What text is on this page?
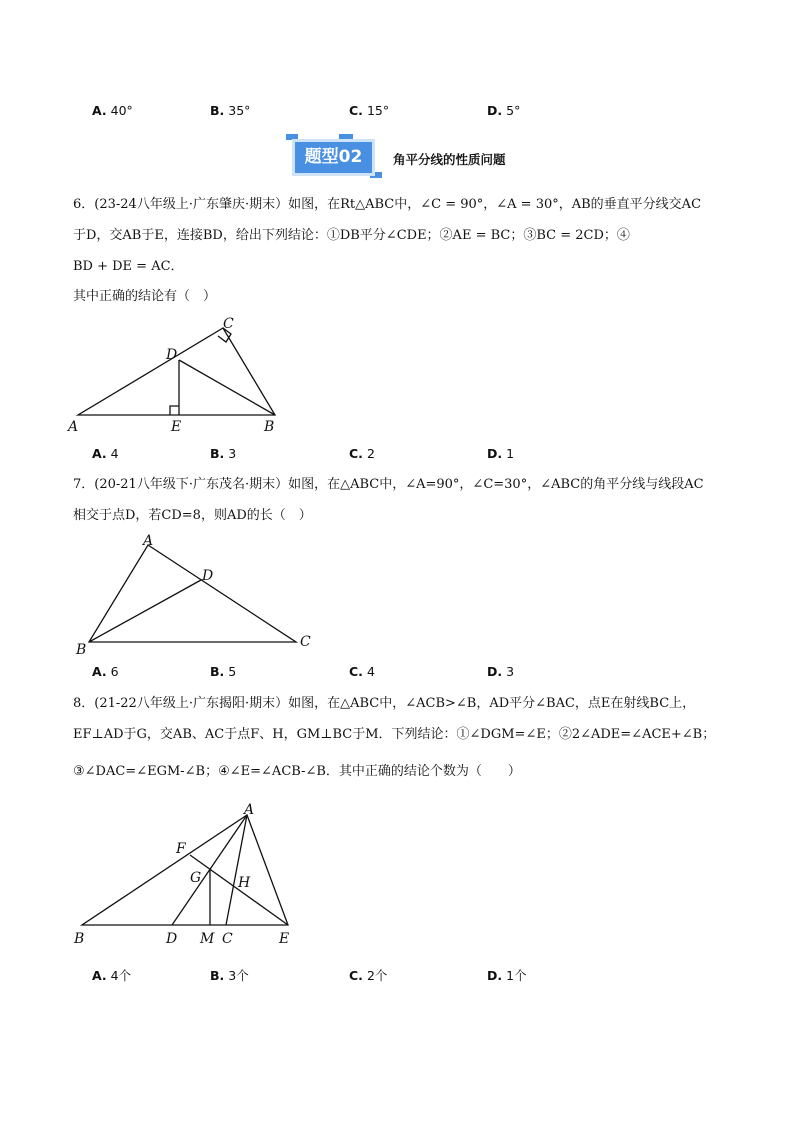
A. 40°	B. 35°	C. 15°	D. 5°
题型02	角平分线的性质问题
6．(23-24八年级上·广东肇庆·期末）如图，在Rt△ABC中，∠C = 90°，∠A = 30°，AB的垂直平分线交AC
于D，交AB于E，连接BD，给出下列结论：①DB平分∠CDE；②AE = BC；③BC = 2CD；④
BD + DE = AC．
其中正确的结论有（　）
A	E	B
D
C
A. 4	B. 3	C. 2	D. 1
7．(20-21八年级下·广东茂名·期末）如图，在△ABC中，∠A=90°，∠C=30°，∠ABC的角平分线与线段AC
相交于点D，若CD=8，则AD的长（　）
A
D
B	C
A. 6	B. 5	C. 4	D. 3
8．(21-22八年级上·广东揭阳·期末）如图，在△ABC中，∠ACB>∠B，AD平分∠BAC，点E在射线BC上，
EF⊥AD于G，交AB、AC于点F、H，GM⊥BC于M．下列结论：①∠DGM=∠E；②2∠ADE=∠ACE+∠B；
③∠DAC=∠EGM-∠B；④∠E=∠ACB-∠B．其中正确的结论个数为（　　）
A
F
G	H
B	D M C	E
A. 4个	B. 3个	C. 2个	D. 1个
